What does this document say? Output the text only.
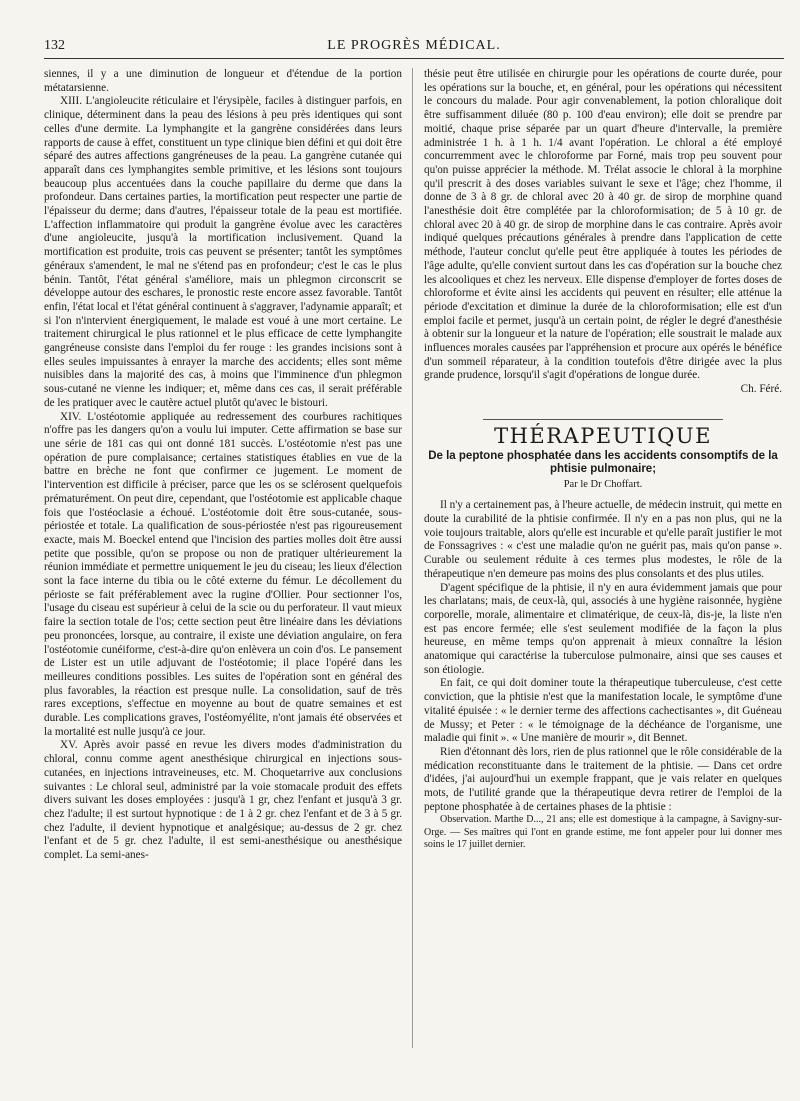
132	LE PROGRÈS MÉDICAL.

siennes, il y a une diminution de longueur et d'étendue de la portion métatarsienne.

XIII. L'angioleucite réticulaire et l'érysipèle, faciles à distinguer parfois, en clinique, déterminent dans la peau des lésions à peu près identiques qui sont celles d'une dermite. La lymphangite et la gangrène considérées dans leurs rapports de cause à effet, constituent un type clinique bien défini et qui doit être séparé des autres affections gangréneuses de la peau. La gangrène cutanée qui apparaît dans ces lymphangites semble primitive, et les lésions sont toujours beaucoup plus accentuées dans la couche papillaire du derme que dans la profondeur. Dans certaines parties, la mortification peut respecter une partie de l'épaisseur du derme; dans d'autres, l'épaisseur totale de la peau est mortifiée. L'affection inflammatoire qui produit la gangrène évolue avec les caractères d'une angioleucite, jusqu'à la mortification inclusivement. Quand la mortification est produite, trois cas peuvent se présenter; tantôt les symptômes généraux s'amendent, le mal ne s'étend pas en profondeur; c'est le cas le plus bénin. Tantôt, l'état général s'améliore, mais un phlegmon circonscrit se développe autour des eschares, le pronostic reste encore assez favorable. Tantôt enfin, l'état local et l'état général continuent à s'aggraver, l'adynamie apparaît; et si l'on n'intervient énergiquement, le malade est voué à une mort certaine. Le traitement chirurgical le plus rationnel et le plus efficace de cette lymphangite gangréneuse consiste dans l'emploi du fer rouge : les grandes incisions sont à elles seules impuissantes à enrayer la marche des accidents; elles sont même nuisibles dans la majorité des cas, à moins que l'imminence d'un phlegmon sous-cutané ne vienne les indiquer; et, même dans ces cas, il serait préférable de les pratiquer avec le cautère actuel plutôt qu'avec le bistouri.

XIV. L'ostéotomie appliquée au redressement des courbures rachitiques n'offre pas les dangers qu'on a voulu lui imputer. Cette affirmation se base sur une série de 181 cas qui ont donné 181 succès. L'ostéotomie n'est pas une opération de pure complaisance; certaines statistiques établies en vue de la battre en brèche ne font que confirmer ce jugement. Le moment de l'intervention est difficile à préciser, parce que les os se sclérosent quelquefois prématurément. On peut dire, cependant, que l'ostéotomie est applicable chaque fois que l'ostéoclasie a échoué. L'ostéotomie doit être sous-cutanée, sous-périostée et totale. La qualification de sous-périostée n'est pas rigoureusement exacte, mais M. Boeckel entend que l'incision des parties molles doit être aussi petite que possible, qu'on se propose ou non de pratiquer ultérieurement la réunion immédiate et permettre uniquement le jeu du ciseau; les lieux d'élection sont la face interne du tibia ou le côté externe du fémur. Le décollement du périoste se fait préférablement avec la rugine d'Ollier. Pour sectionner l'os, l'usage du ciseau est supérieur à celui de la scie ou du perforateur. Il vaut mieux faire la section totale de l'os; cette section peut être linéaire dans les déviations peu prononcées, lorsque, au contraire, il existe une déviation angulaire, on fera l'ostéotomie cunéiforme, c'est-à-dire qu'on enlèvera un coin d'os. Le pansement de Lister est un utile adjuvant de l'ostéotomie; il place l'opéré dans les meilleures conditions possibles. Les suites de l'opération sont en général des plus favorables, la réaction est presque nulle. La consolidation, sauf de très rares exceptions, s'effectue en moyenne au bout de quatre semaines et est durable. Les complications graves, l'ostéomyélite, n'ont jamais été observées et la mortalité est nulle jusqu'à ce jour.

XV. Après avoir passé en revue les divers modes d'administration du chloral, connu comme agent anesthésique chirurgical en injections sous-cutanées, en injections intraveineuses, etc. M. Choquetarrive aux conclusions suivantes : Le chloral seul, administré par la voie stomacale produit des effets divers suivant les doses employées : jusqu'à 1 gr, chez l'enfant et jusqu'à 3 gr. chez l'adulte; il est surtout hypnotique : de 1 à 2 gr. chez l'enfant et de 3 à 5 gr. chez l'adulte, il devient hypnotique et analgésique; au-dessus de 2 gr. chez l'enfant et de 5 gr. chez l'adulte, il est semi-anesthésique ou anesthésique complet. La semi-anes-

thésie peut être utilisée en chirurgie pour les opérations de courte durée, pour les opérations sur la bouche, et, en général, pour les opérations qui nécessitent le concours du malade. Pour agir convenablement, la potion chloralique doit être suffisamment diluée (80 p. 100 d'eau environ); elle doit se prendre par moitié, chaque prise séparée par un quart d'heure d'intervalle, la première administrée 1 h. à 1 h. 1/4 avant l'opération. Le chloral a été employé concurremment avec le chloroforme par Forné, mais trop peu souvent pour qu'on puisse apprécier la méthode. M. Trélat associe le chloral à la morphine qu'il prescrit à des doses variables suivant le sexe et l'âge; chez l'homme, il donne de 3 à 8 gr. de chloral avec 20 à 40 gr. de sirop de morphine quand l'anesthésie doit être complétée par la chloroformisation; de 5 à 10 gr. de chloral avec 20 à 40 gr. de sirop de morphine dans le cas contraire. Après avoir indiqué quelques précautions générales à prendre dans l'application de cette méthode, l'auteur conclut qu'elle peut être appliquée à toutes les périodes de l'âge adulte, qu'elle convient surtout dans les cas d'opération sur la bouche chez les alcooliques et chez les nerveux. Elle dispense d'employer de fortes doses de chloroforme et évite ainsi les accidents qui peuvent en résulter; elle atténue la période d'excitation et diminue la durée de la chloroformisation; elle est d'un emploi facile et permet, jusqu'à un certain point, de régler le degré d'anesthésie à obtenir sur la longueur et la nature de l'opération; elle soustrait le malade aux influences morales causées par l'appréhension et procure aux opérés le bénéfice d'un sommeil réparateur, à la condition toutefois d'être dirigée avec la plus grande prudence, lorsqu'il s'agit d'opérations de longue durée.

Ch. Féré.

THÉRAPEUTIQUE
De la peptone phosphatée dans les accidents consomptifs de la phtisie pulmonaire;
Par le Dr Choffart.

Il n'y a certainement pas, à l'heure actuelle, de médecin instruit, qui mette en doute la curabilité de la phtisie confirmée. Il n'y en a pas non plus, qui ne la voie toujours traitable, alors qu'elle est incurable et qu'elle paraît justifier le mot de Fonssagrives : « c'est une maladie qu'on ne guérit pas, mais qu'on panse ». Curable ou seulement réduite à ces termes plus modestes, le rôle de la thérapeutique n'en demeure pas moins des plus consolants et des plus utiles.

D'agent spécifique de la phtisie, il n'y en aura évidemment jamais que pour les charlatans; mais, de ceux-là, qui, associés à une hygiène raisonnée, hygiène corporelle, morale, alimentaire et climatérique, de ceux-là, dis-je, la liste n'en est pas encore fermée; elle s'est seulement modifiée de la façon la plus heureuse, en même temps qu'on apprenait à mieux connaître la lésion anatomique qui caractérise la tuberculose pulmonaire, ainsi que ses causes et son étiologie.

En fait, ce qui doit dominer toute la thérapeutique tuberculeuse, c'est cette conviction, que la phtisie n'est que la manifestation locale, le symptôme d'une vitalité épuisée : « le dernier terme des affections cachectisantes », dit Guéneau de Mussy; et Peter : « le témoignage de la déchéance de l'organisme, une maladie qui finit ». « Une manière de mourir », dit Bennet.

Rien d'étonnant dès lors, rien de plus rationnel que le rôle considérable de la médication reconstituante dans le traitement de la phtisie. — Dans cet ordre d'idées, j'ai aujourd'hui un exemple frappant, que je vais relater en quelques mots, de l'utilité grande que la thérapeutique devra retirer de l'emploi de la peptone phosphatée à de certaines phases de la phtisie :

Observation. Marthe D..., 21 ans; elle est domestique à la campagne, à Savigny-sur-Orge. — Ses maîtres qui l'ont en grande estime, me font appeler pour lui donner mes soins le 17 juillet dernier.
